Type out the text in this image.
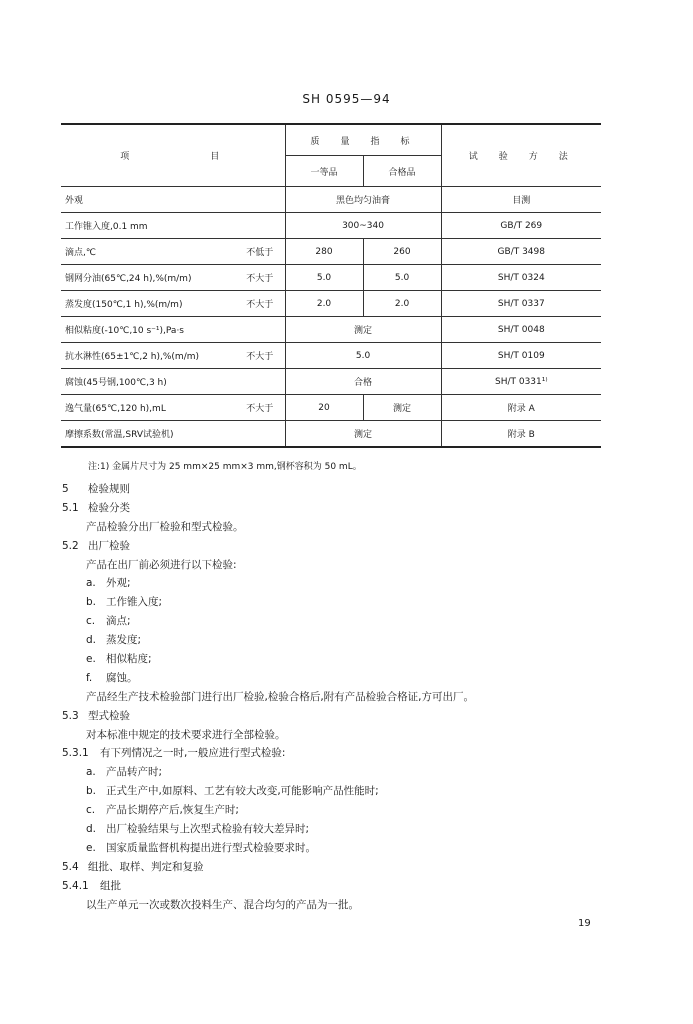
SH 0595—94
项　　　　　目		质　量　指　标		试　验　方　法
		一等品	合格品	
外观		黑色均匀油膏		目测
工作锥入度,0.1 mm		300~340		GB/T 269
滴点,℃	不低于	280	260	GB/T 3498
钢网分油(65℃,24 h),%(m/m)	不大于	5.0	5.0	SH/T 0324
蒸发度(150℃,1 h),%(m/m)	不大于	2.0	2.0	SH/T 0337
相似粘度(-10℃,10 s⁻¹),Pa·s		测定		SH/T 0048
抗水淋性(65±1℃,2 h),%(m/m)	不大于	5.0		SH/T 0109
腐蚀(45号钢,100℃,3 h)		合格		SH/T 0331¹⁾
逸气量(65℃,120 h),mL	不大于	20	测定	附录 A
摩擦系数(常温,SRV试验机)		测定		附录 B
注:1) 金属片尺寸为 25 mm×25 mm×3 mm,钢杯容积为 50 mL。
5 检验规则
5.1 检验分类
产品检验分出厂检验和型式检验。
5.2 出厂检验
产品在出厂前必须进行以下检验:
a. 外观;
b. 工作锥入度;
c. 滴点;
d. 蒸发度;
e. 相似粘度;
f. 腐蚀。
产品经生产技术检验部门进行出厂检验,检验合格后,附有产品检验合格证,方可出厂。
5.3 型式检验
对本标准中规定的技术要求进行全部检验。
5.3.1 有下列情况之一时,一般应进行型式检验:
a. 产品转产时;
b. 正式生产中,如原料、工艺有较大改变,可能影响产品性能时;
c. 产品长期停产后,恢复生产时;
d. 出厂检验结果与上次型式检验有较大差异时;
e. 国家质量监督机构提出进行型式检验要求时。
5.4 组批、取样、判定和复验
5.4.1 组批
以生产单元一次或数次投料生产、混合均匀的产品为一批。
19
